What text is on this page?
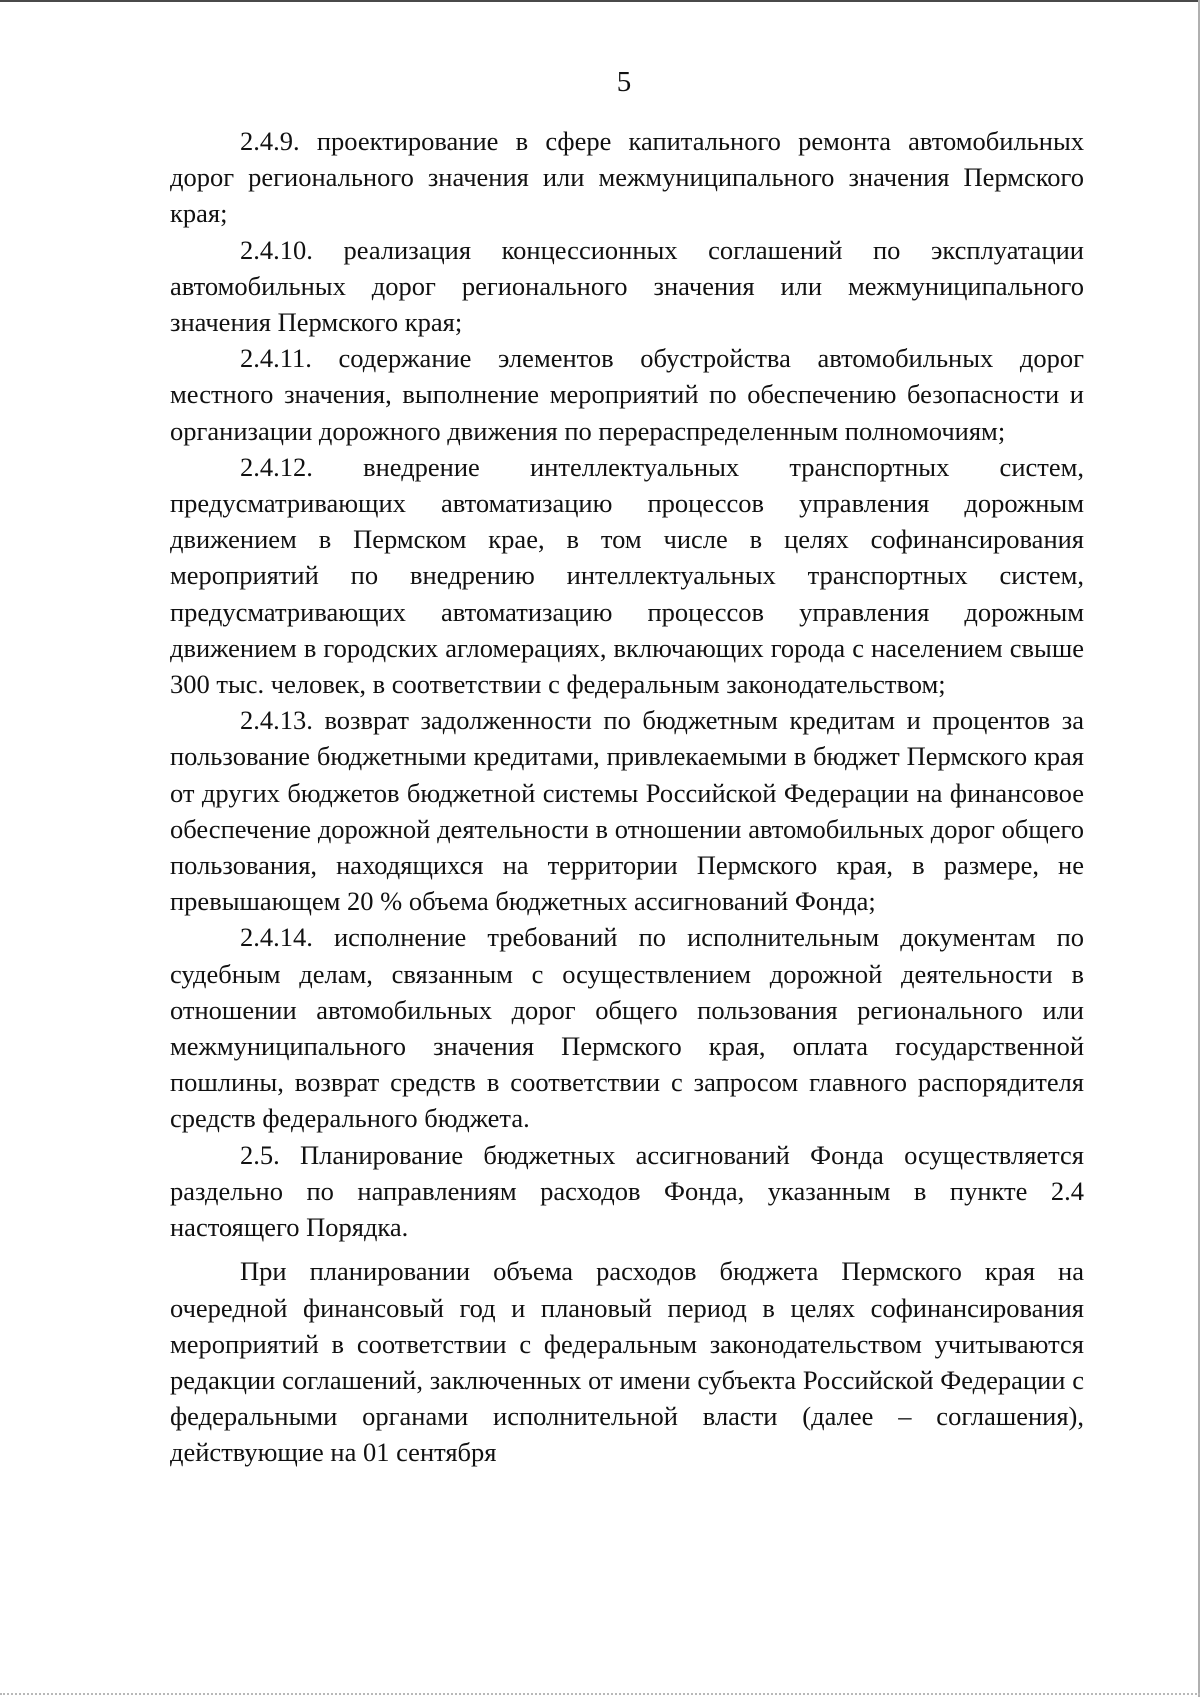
5

2.4.9. проектирование в сфере капитального ремонта автомобильных дорог регионального значения или межмуниципального значения Пермского края;

2.4.10. реализация концессионных соглашений по эксплуатации автомобильных дорог регионального значения или межмуниципального значения Пермского края;

2.4.11. содержание элементов обустройства автомобильных дорог местного значения, выполнение мероприятий по обеспечению безопасности и организации дорожного движения по перераспределенным полномочиям;

2.4.12. внедрение интеллектуальных транспортных систем, предусматривающих автоматизацию процессов управления дорожным движением в Пермском крае, в том числе в целях софинансирования мероприятий по внедрению интеллектуальных транспортных систем, предусматривающих автоматизацию процессов управления дорожным движением в городских агломерациях, включающих города с населением свыше 300 тыс. человек, в соответствии с федеральным законодательством;

2.4.13. возврат задолженности по бюджетным кредитам и процентов за пользование бюджетными кредитами, привлекаемыми в бюджет Пермского края от других бюджетов бюджетной системы Российской Федерации на финансовое обеспечение дорожной деятельности в отношении автомобильных дорог общего пользования, находящихся на территории Пермского края, в размере, не превышающем 20 % объема бюджетных ассигнований Фонда;

2.4.14. исполнение требований по исполнительным документам по судебным делам, связанным с осуществлением дорожной деятельности в отношении автомобильных дорог общего пользования регионального или межмуниципального значения Пермского края, оплата государственной пошлины, возврат средств в соответствии с запросом главного распорядителя средств федерального бюджета.

2.5. Планирование бюджетных ассигнований Фонда осуществляется раздельно по направлениям расходов Фонда, указанным в пункте 2.4 настоящего Порядка.

При планировании объема расходов бюджета Пермского края на очередной финансовый год и плановый период в целях софинансирования мероприятий в соответствии с федеральным законодательством учитываются редакции соглашений, заключенных от имени субъекта Российской Федерации с федеральными органами исполнительной власти (далее – соглашения), действующие на 01 сентября
